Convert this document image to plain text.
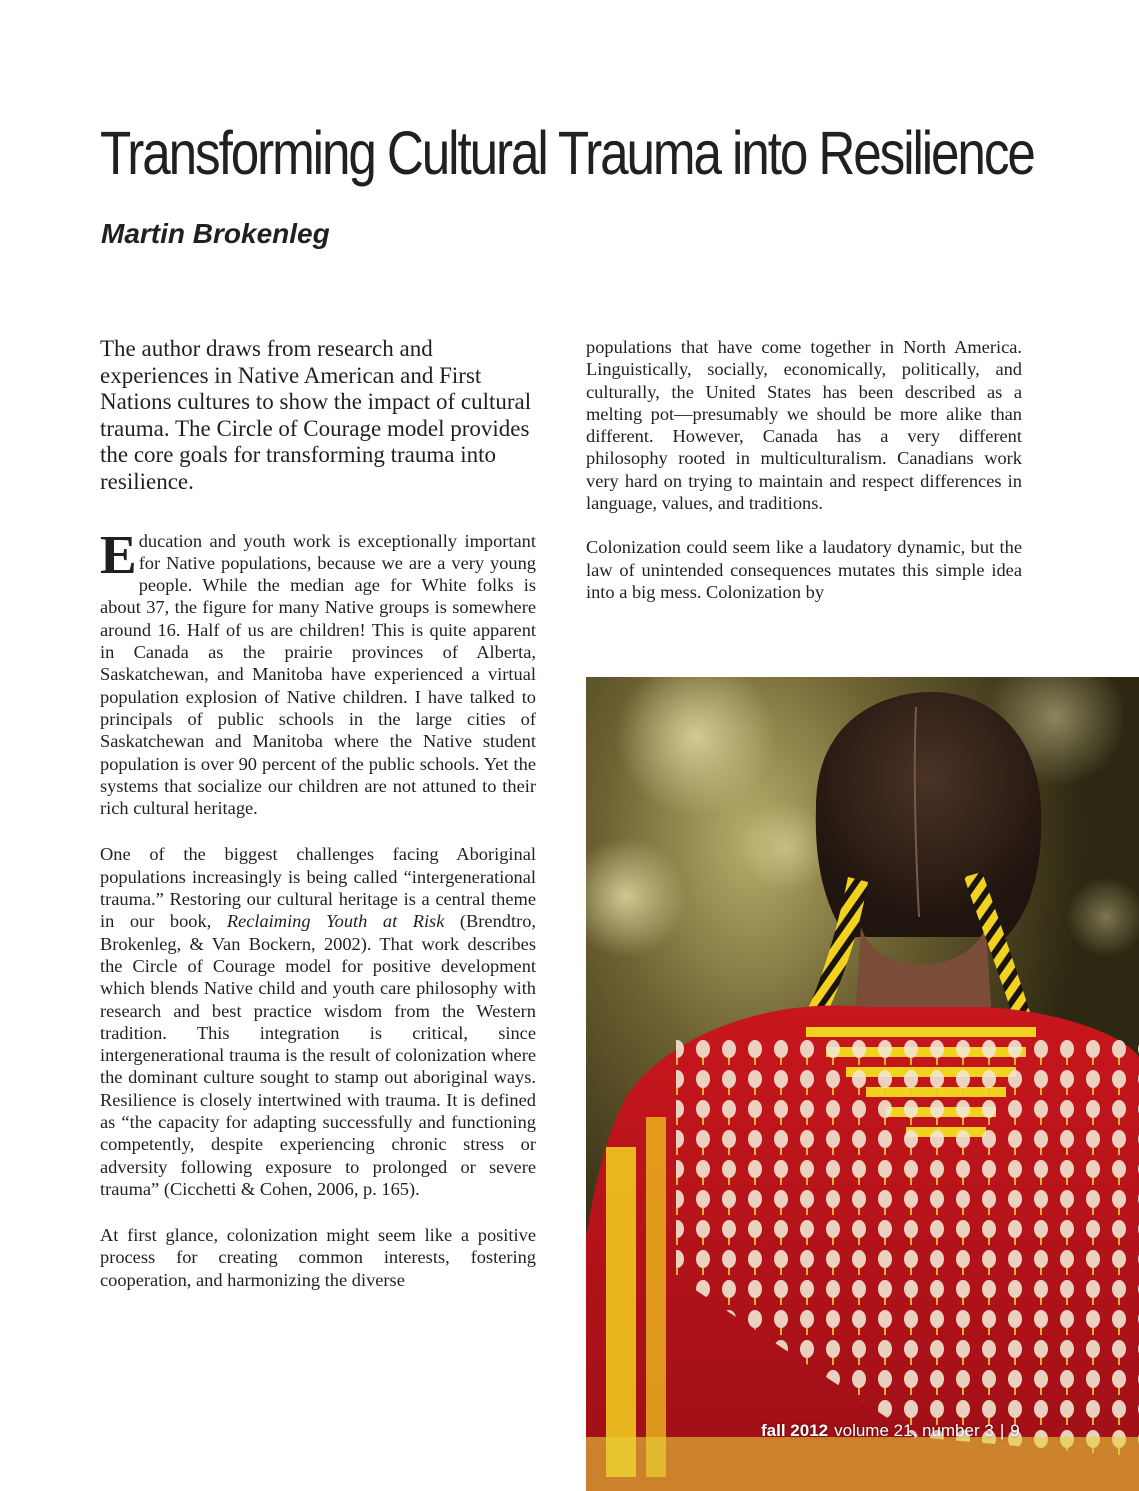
Transforming Cultural Trauma into Resilience
Martin Brokenleg

The author draws from research and experiences in Native American and First Nations cultures to show the impact of cultural trauma. The Circle of Courage model provides the core goals for transforming trauma into resilience.

Education and youth work is exceptionally important for Native populations, because we are a very young people. While the median age for White folks is about 37, the figure for many Native groups is somewhere around 16. Half of us are children! This is quite apparent in Canada as the prairie provinces of Alberta, Saskatchewan, and Manitoba have experienced a virtual population explosion of Native children. I have talked to principals of public schools in the large cities of Saskatchewan and Manitoba where the Native student population is over 90 percent of the public schools. Yet the systems that socialize our children are not attuned to their rich cultural heritage.

One of the biggest challenges facing Aboriginal populations increasingly is being called “intergenerational trauma.” Restoring our cultural heritage is a central theme in our book, Reclaiming Youth at Risk (Brendtro, Brokenleg, & Van Bockern, 2002). That work describes the Circle of Courage model for positive development which blends Native child and youth care philosophy with research and best practice wisdom from the Western tradition. This integration is critical, since intergenerational trauma is the result of colonization where the dominant culture sought to stamp out aboriginal ways. Resilience is closely intertwined with trauma. It is defined as “the capacity for adapting successfully and functioning competently, despite experiencing chronic stress or adversity following exposure to prolonged or severe trauma” (Cicchetti & Cohen, 2006, p. 165).

At first glance, colonization might seem like a positive process for creating common interests, fostering cooperation, and harmonizing the diverse

populations that have come together in North America. Linguistically, socially, economically, politically, and culturally, the United States has been described as a melting pot—presumably we should be more alike than different. However, Canada has a very different philosophy rooted in multiculturalism. Canadians work very hard on trying to maintain and respect differences in language, values, and traditions.

Colonization could seem like a laudatory dynamic, but the law of unintended consequences mutates this simple idea into a big mess. Colonization by

fall 2012 volume 21, number 3 | 9
